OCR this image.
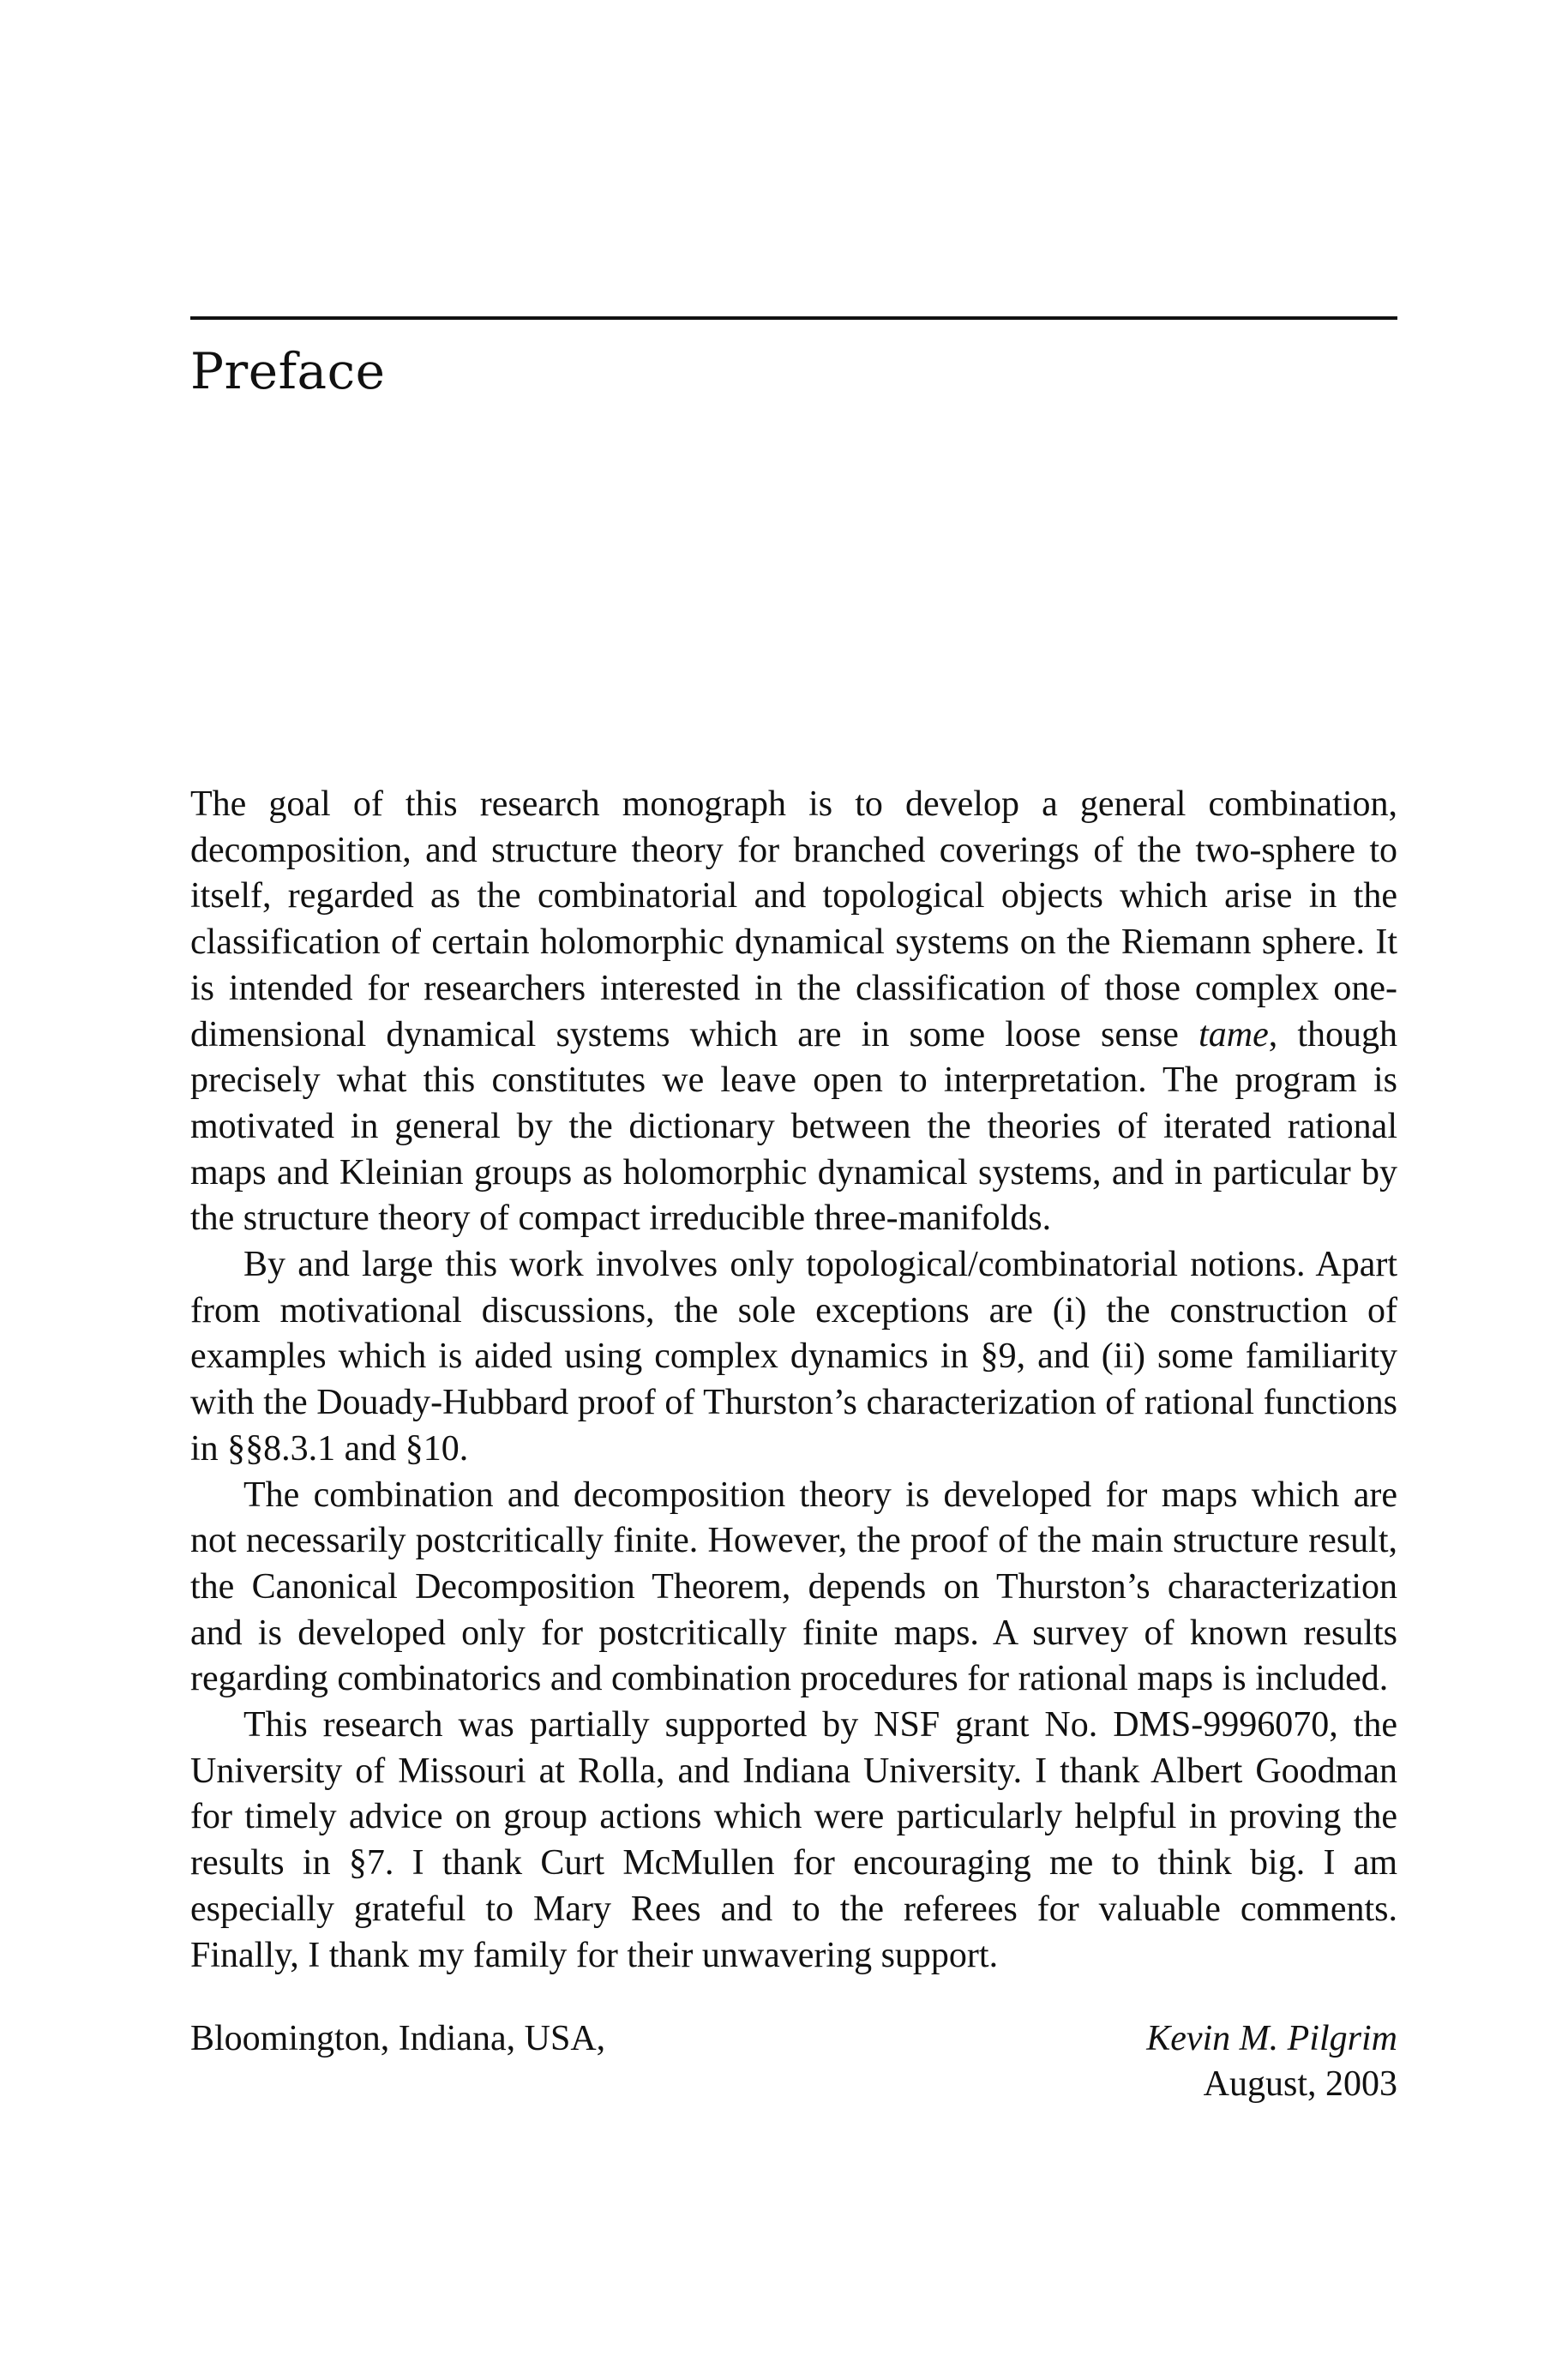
Preface

The goal of this research monograph is to develop a general combination, decomposition, and structure theory for branched coverings of the two-sphere to itself, regarded as the combinatorial and topological objects which arise in the classification of certain holomorphic dynamical systems on the Riemann sphere. It is intended for researchers interested in the classification of those complex one-dimensional dynamical systems which are in some loose sense tame, though precisely what this constitutes we leave open to interpretation. The program is motivated in general by the dictionary between the theories of iterated rational maps and Kleinian groups as holomorphic dynamical systems, and in particular by the structure theory of compact irreducible three-manifolds.

By and large this work involves only topological/combinatorial notions. Apart from motivational discussions, the sole exceptions are (i) the construction of examples which is aided using complex dynamics in §9, and (ii) some familiarity with the Douady-Hubbard proof of Thurston’s characterization of rational functions in §§8.3.1 and §10.

The combination and decomposition theory is developed for maps which are not necessarily postcritically finite. However, the proof of the main structure result, the Canonical Decomposition Theorem, depends on Thurston’s characterization and is developed only for postcritically finite maps. A survey of known results regarding combinatorics and combination procedures for rational maps is included.

This research was partially supported by NSF grant No. DMS-9996070, the University of Missouri at Rolla, and Indiana University. I thank Albert Goodman for timely advice on group actions which were particularly helpful in proving the results in §7. I thank Curt McMullen for encouraging me to think big. I am especially grateful to Mary Rees and to the referees for valuable comments. Finally, I thank my family for their unwavering support.

Bloomington, Indiana, USA,	Kevin M. Pilgrim
August, 2003
